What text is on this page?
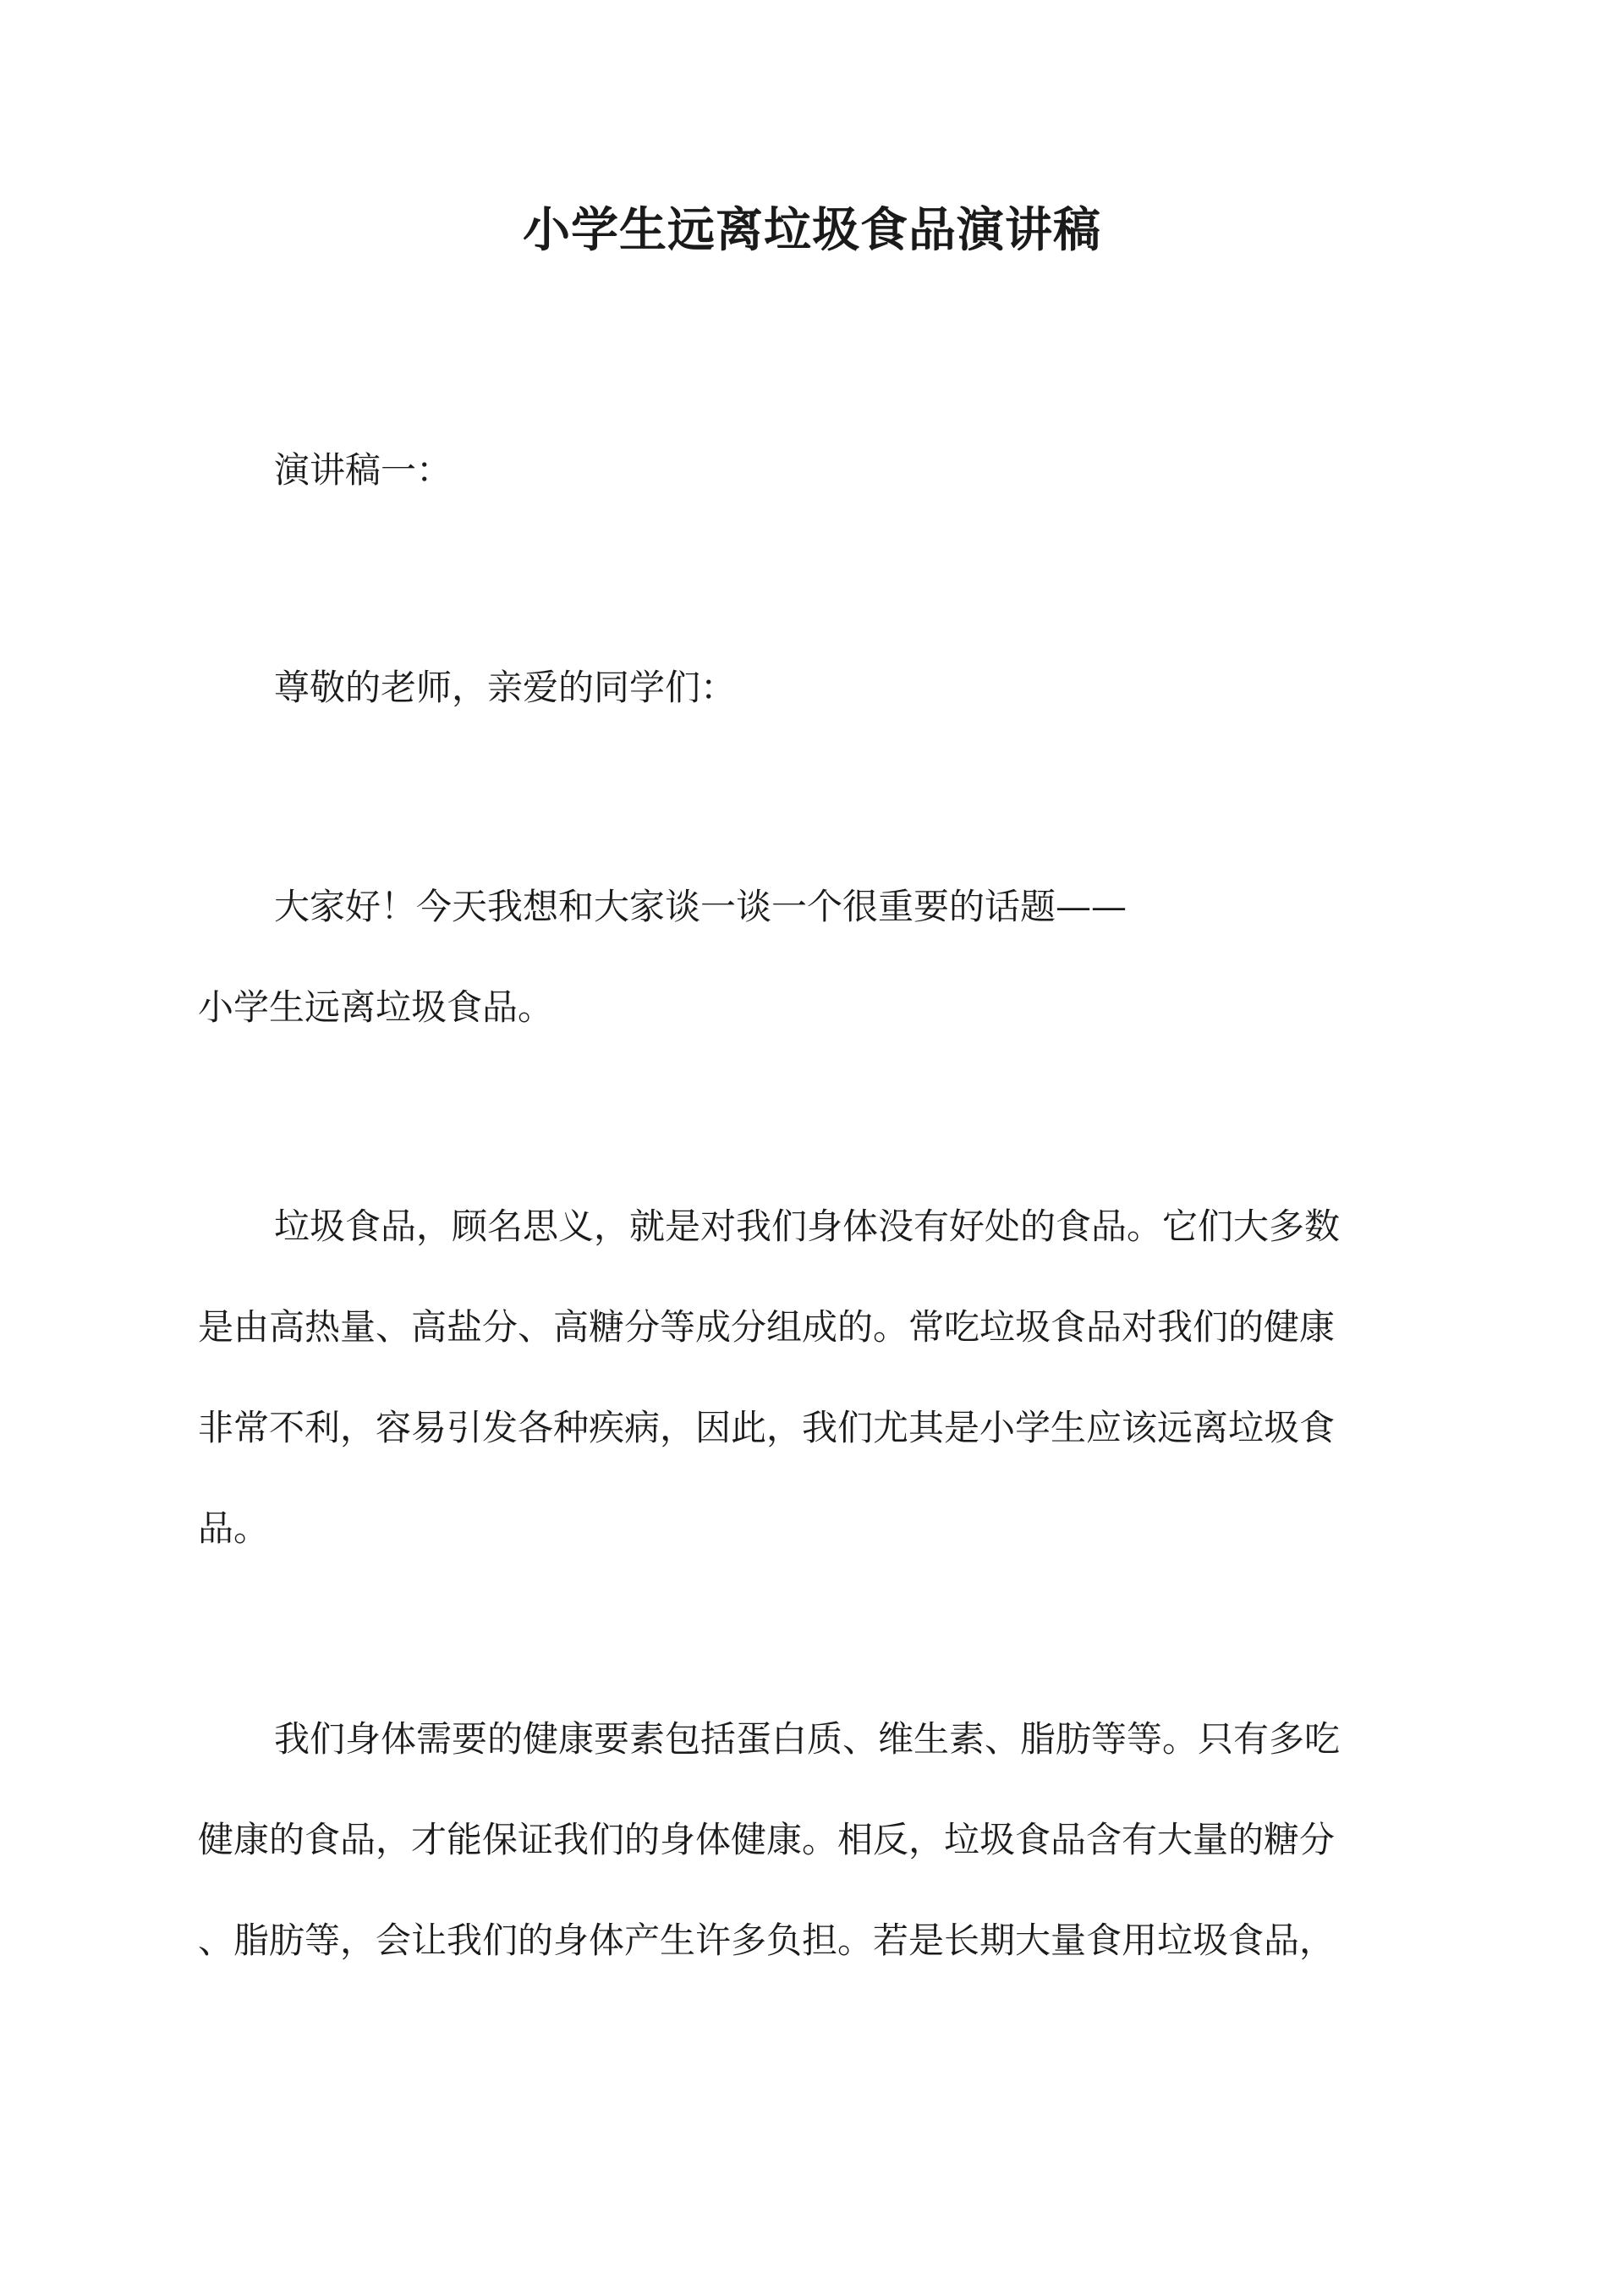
小学生远离垃圾食品演讲稿

演讲稿一：

尊敬的老师，亲爱的同学们：

大家好！今天我想和大家谈一谈一个很重要的话题——
小学生远离垃圾食品。

垃圾食品，顾名思义，就是对我们身体没有好处的食品。它们大多数
是由高热量、高盐分、高糖分等成分组成的。常吃垃圾食品对我们的健康
非常不利，容易引发各种疾病，因此，我们尤其是小学生应该远离垃圾食
品。

我们身体需要的健康要素包括蛋白质、维生素、脂肪等等。只有多吃
健康的食品，才能保证我们的身体健康。相反，垃圾食品含有大量的糖分
、脂肪等，会让我们的身体产生许多负担。若是长期大量食用垃圾食品，
